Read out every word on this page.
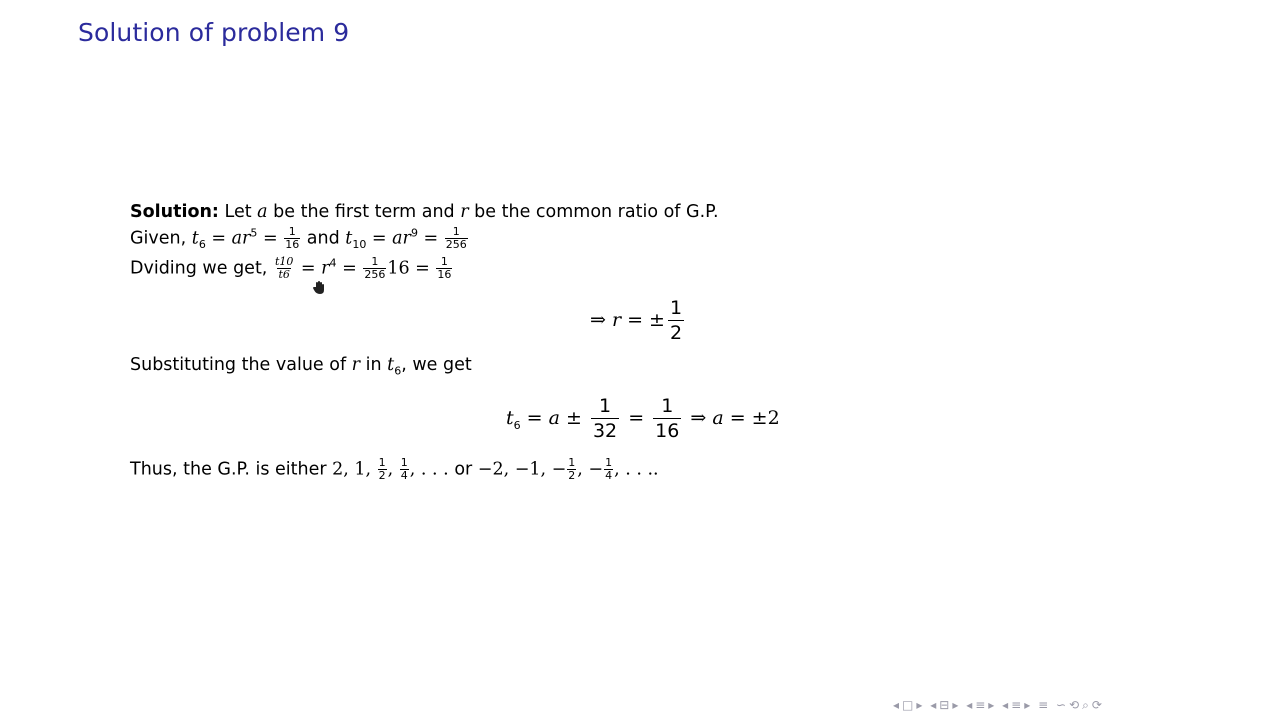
Solution of problem 9
Solution: Let a be the first term and r be the common ratio of G.P.
Given, $t_6 = ar^5 = \frac{1}{16}$ and $t_{10} = ar^9 = \frac{1}{256}$
Dviding we get, $\frac{t10}{t6} = r^4 = \frac{1}{256} 16 = \frac{1}{16}$
⇒ r = ± $\frac{1}{2}$
Substituting the value of r in $t_6$, we get
$t_6 = a \pm \frac{1}{32} = \frac{1}{16}$ ⇒ a = ±2
Thus, the G.P. is either 2, 1, $\frac{1}{2}$ , $\frac{1}{4}$ , . . . or −2, −1, − $\frac{1}{2}$ , − $\frac{1}{4}$ , . . ..
◂ □ ▸ ◂ ⊟ ▸ ◂ ≡ ▸ ◂ ≡ ▸ ≡ ∽ ⟲ ⌕ ⟳
